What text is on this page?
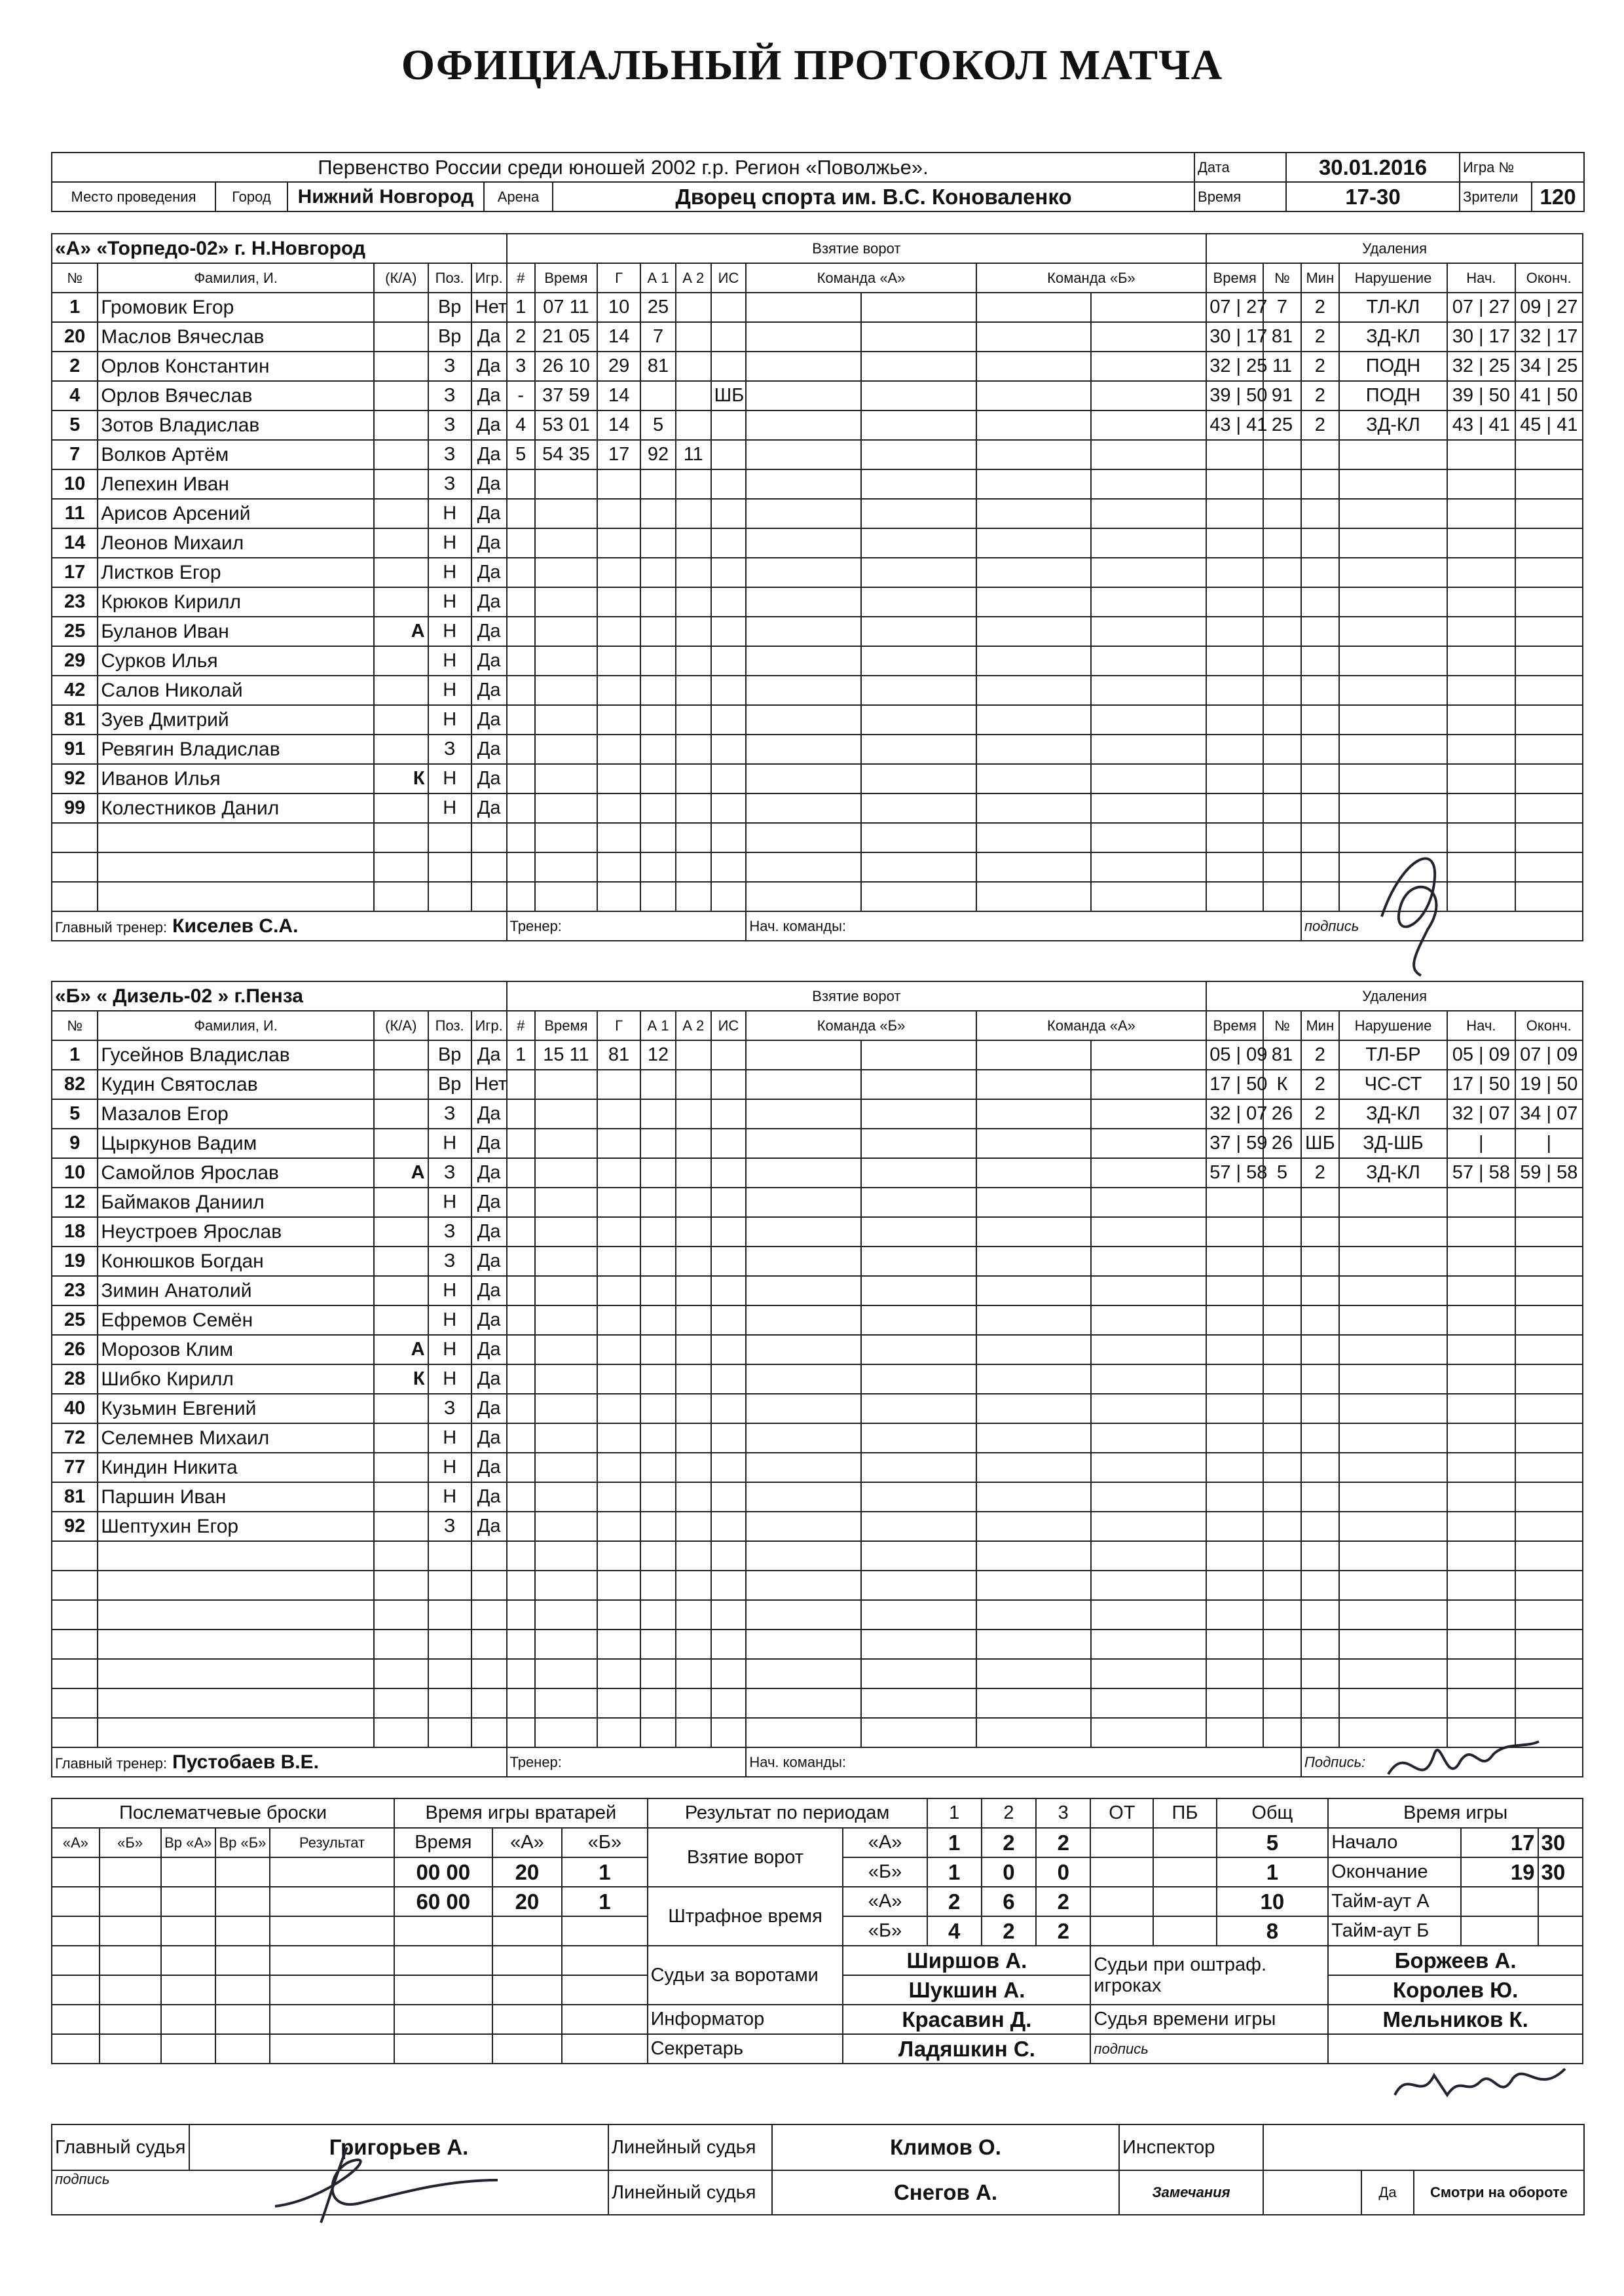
ОФИЦИАЛЬНЫЙ ПРОТОКОЛ МАТЧА
Первенство России среди юношей 2002 г.р. Регион «Поволжье».					Дата	30.01.2016	Игра №	
Место проведения	Город	Нижний Новгород	Арена	Дворец спорта им. В.С. Коноваленко	Время	17-30	Зрители	120
«А» «Торпедо-02» г. Н.Новгород					Взятие ворот										Удаления					
№	Фамилия, И.	(К/А)	Поз.	Игр.	#	Время	Г	А 1	А 2	ИС	Команда «А»		Команда «Б»		Время	№	Мин	Нарушение	Нач.	Оконч.
1	Громовик Егор		Вр	Нет	1	07 11	10	25							07 | 27	7	2	ТЛ-КЛ	07 | 27	09 | 27
20	Маслов Вячеслав		Вр	Да	2	21 05	14	7							30 | 17	81	2	ЗД-КЛ	30 | 17	32 | 17
2	Орлов Константин		З	Да	3	26 10	29	81							32 | 25	11	2	ПОДН	32 | 25	34 | 25
4	Орлов Вячеслав		З	Да	-	37 59	14			ШБ					39 | 50	91	2	ПОДН	39 | 50	41 | 50
5	Зотов Владислав		З	Да	4	53 01	14	5							43 | 41	25	2	ЗД-КЛ	43 | 41	45 | 41
7	Волков Артём		З	Да	5	54 35	17	92	11											
10	Лепехин Иван		З	Да																
11	Арисов Арсений		Н	Да																
14	Леонов Михаил		Н	Да																
17	Листков Егор		Н	Да																
23	Крюков Кирилл		Н	Да																
25	Буланов Иван	А	Н	Да																
29	Сурков Илья		Н	Да																
42	Салов Николай		Н	Да																
81	Зуев Дмитрий		Н	Да																
91	Ревягин Владислав		З	Да																
92	Иванов Илья	К	Н	Да																
99	Колестников Данил		Н	Да																

Главный тренер: Киселев С.А.					Тренер:						Нач. команды:						подпись			
«Б» « Дизель-02 » г.Пенза					Взятие ворот										Удаления					
№	Фамилия, И.	(К/А)	Поз.	Игр.	#	Время	Г	А 1	А 2	ИС	Команда «Б»		Команда «А»		Время	№	Мин	Нарушение	Нач.	Оконч.
1	Гусейнов Владислав		Вр	Да	1	15 11	81	12							05 | 09	81	2	ТЛ-БР	05 | 09	07 | 09
82	Кудин Святослав		Вр	Нет											17 | 50	К	2	ЧС-СТ	17 | 50	19 | 50
5	Мазалов Егор		З	Да											32 | 07	26	2	ЗД-КЛ	32 | 07	34 | 07
9	Цыркунов Вадим		Н	Да											37 | 59	26	ШБ	ЗД-ШБ	|	|
10	Самойлов Ярослав	А	З	Да											57 | 58	5	2	ЗД-КЛ	57 | 58	59 | 58
12	Баймаков Даниил		Н	Да																
18	Неустроев Ярослав		З	Да																
19	Конюшков Богдан		З	Да																
23	Зимин Анатолий		Н	Да																
25	Ефремов Семён		Н	Да																
26	Морозов Клим	А	Н	Да																
28	Шибко Кирилл	К	Н	Да																
40	Кузьмин Евгений		З	Да																
72	Селемнев Михаил		Н	Да																
77	Киндин Никита		Н	Да																
81	Паршин Иван		Н	Да																
92	Шептухин Егор		З	Да																

Главный тренер: Пустобаев В.Е.					Тренер:						Нач. команды:						Подпись:			
Послематчевые броски					Время игры вратарей			Результат по периодам		1	2	3	ОТ	ПБ	Общ	Время игры		
«А»	«Б»	Вр «А»	Вр «Б»	Результат	Время	«А»	«Б»	Взятие ворот	«А»	1	2	2			5	Начало	17	30
					00 00	20	1		«Б»	1	0	0			1	Окончание	19	30
					60 00	20	1	Штрафное время	«А»	2	6	2			10	Тайм-аут А		
									«Б»	4	2	2			8	Тайм-аут Б		
								Судьи за воротами	Ширшов А.				Судьи при оштраф. игроках			Боржеев А.		
									Шукшин А.							Королев Ю.		
								Информатор	Красавин Д.				Судья времени игры			Мельников К.		
								Секретарь	Ладяшкин С.				подпись					
Главный судья	Григорьев А.	Линейный судья	Климов О.	Инспектор			
подпись		Линейный судья	Снегов А.	Замечания		Да	Смотри на обороте
